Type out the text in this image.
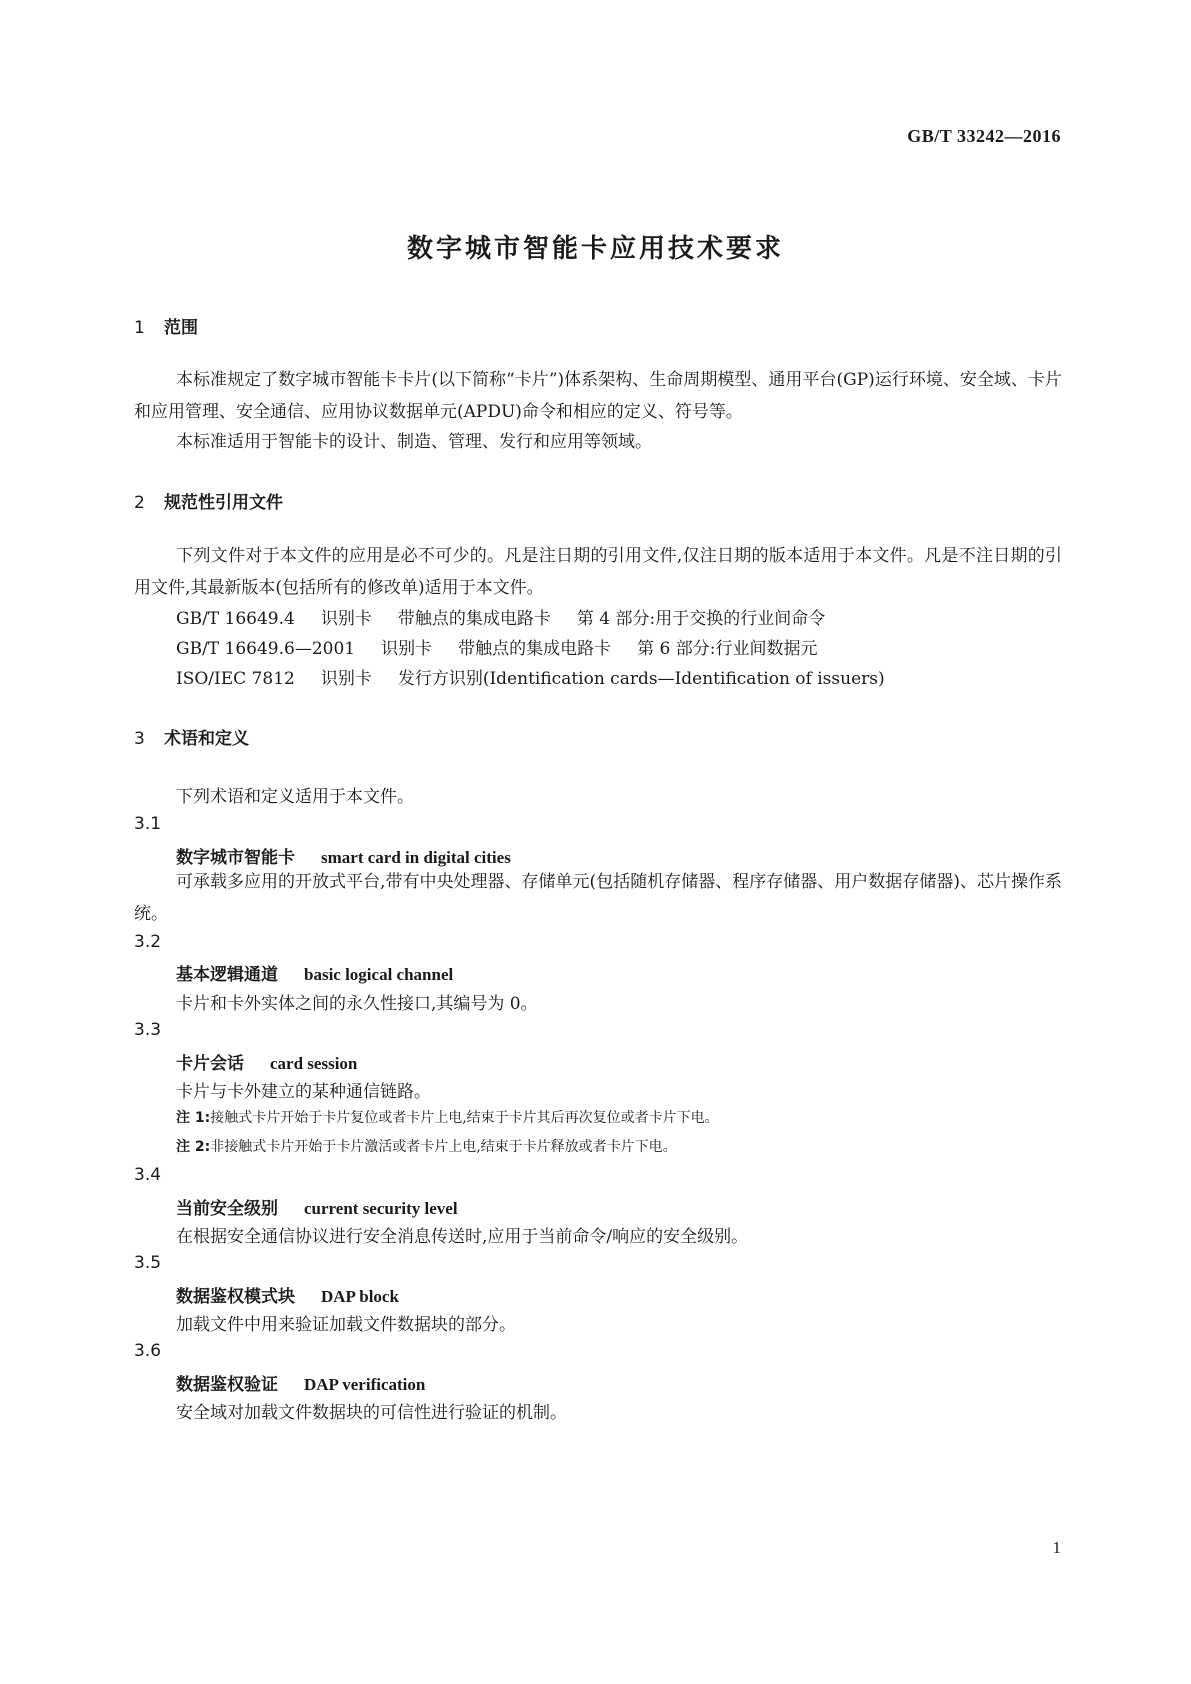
GB/T 33242—2016
数字城市智能卡应用技术要求
1 范围
本标准规定了数字城市智能卡卡片(以下简称“卡片”)体系架构、生命周期模型、通用平台(GP)运行环境、安全域、卡片和应用管理、安全通信、应用协议数据单元(APDU)命令和相应的定义、符号等。
本标准适用于智能卡的设计、制造、管理、发行和应用等领域。
2 规范性引用文件
下列文件对于本文件的应用是必不可少的。凡是注日期的引用文件,仅注日期的版本适用于本文件。凡是不注日期的引用文件,其最新版本(包括所有的修改单)适用于本文件。
GB/T 16649.4 识别卡 带触点的集成电路卡 第 4 部分:用于交换的行业间命令
GB/T 16649.6—2001 识别卡 带触点的集成电路卡 第 6 部分:行业间数据元
ISO/IEC 7812 识别卡 发行方识别(Identification cards—Identification of issuers)
3 术语和定义
下列术语和定义适用于本文件。
3.1
数字城市智能卡 smart card in digital cities
可承载多应用的开放式平台,带有中央处理器、存储单元(包括随机存储器、程序存储器、用户数据存储器)、芯片操作系统。
3.2
基本逻辑通道 basic logical channel
卡片和卡外实体之间的永久性接口,其编号为 0。
3.3
卡片会话 card session
卡片与卡外建立的某种通信链路。
注 1:接触式卡片开始于卡片复位或者卡片上电,结束于卡片其后再次复位或者卡片下电。
注 2:非接触式卡片开始于卡片激活或者卡片上电,结束于卡片释放或者卡片下电。
3.4
当前安全级别 current security level
在根据安全通信协议进行安全消息传送时,应用于当前命令/响应的安全级别。
3.5
数据鉴权模式块 DAP block
加载文件中用来验证加载文件数据块的部分。
3.6
数据鉴权验证 DAP verification
安全域对加载文件数据块的可信性进行验证的机制。
1
